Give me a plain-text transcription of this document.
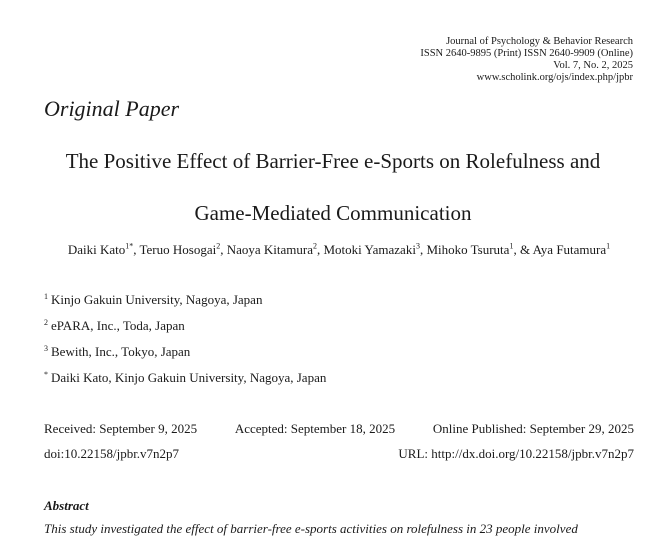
Journal of Psychology & Behavior Research
ISSN 2640-9895 (Print) ISSN 2640-9909 (Online)
Vol. 7, No. 2, 2025
www.scholink.org/ojs/index.php/jpbr
Original Paper
The Positive Effect of Barrier-Free e-Sports on Rolefulness and
Game-Mediated Communication
Daiki Kato$^{1*}$, Teruo Hosogai$^2$, Naoya Kitamura$^2$, Motoki Yamazaki$^3$, Mihoko Tsuruta$^1$, & Aya Futamura$^1$
$^1$ Kinjo Gakuin University, Nagoya, Japan
$^2$ ePARA, Inc., Toda, Japan
$^3$ Bewith, Inc., Tokyo, Japan
* Daiki Kato, Kinjo Gakuin University, Nagoya, Japan
Received: September 9, 2025	Accepted: September 18, 2025	Online Published: September 29, 2025
doi:10.22158/jpbr.v7n2p7	URL: http://dx.doi.org/10.22158/jpbr.v7n2p7
Abstract
This study investigated the effect of barrier-free e-sports activities on rolefulness in 23 people involved
